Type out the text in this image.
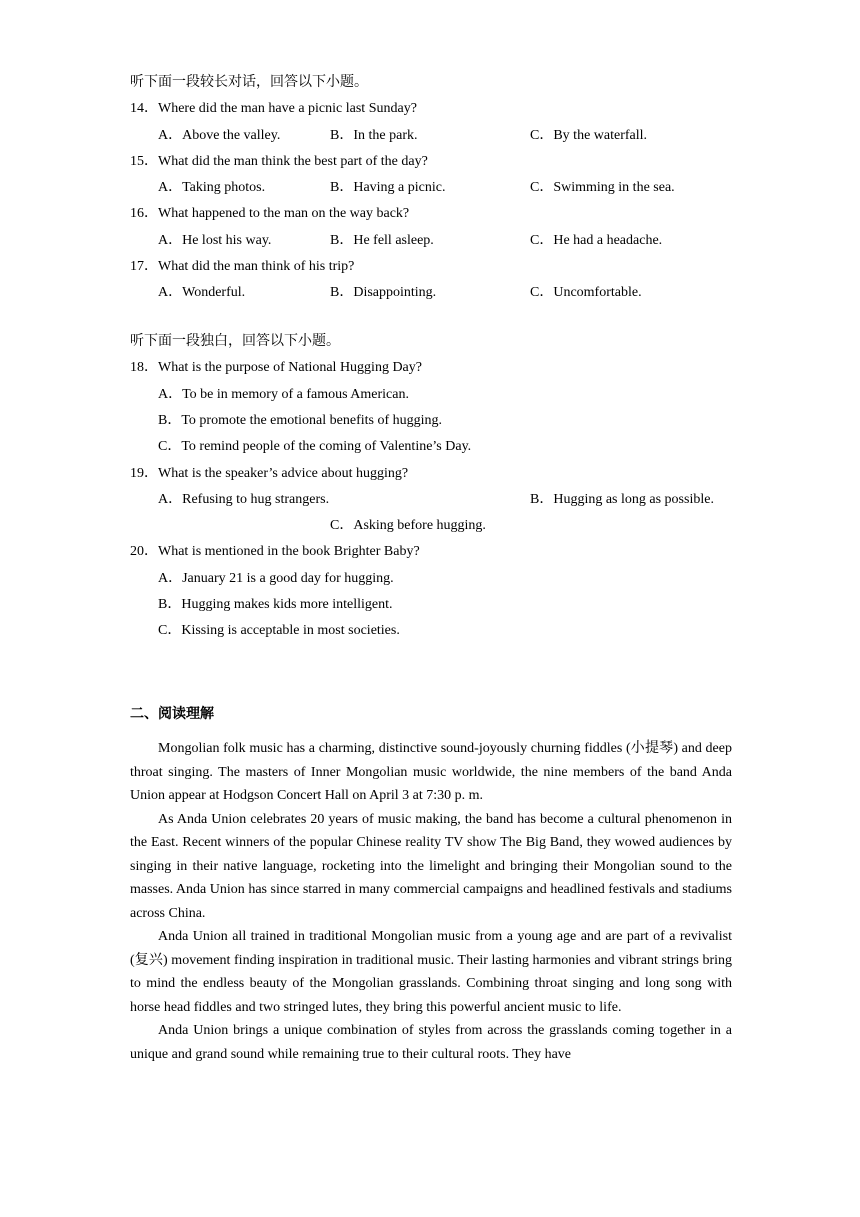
听下面一段较长对话，回答以下小题。
14．Where did the man have a picnic last Sunday?
A．Above the valley.	B．In the park.	C．By the waterfall.
15．What did the man think the best part of the day?
A．Taking photos.	B．Having a picnic.	C．Swimming in the sea.
16．What happened to the man on the way back?
A．He lost his way.	B．He fell asleep.	C．He had a headache.
17．What did the man think of his trip?
A．Wonderful.	B．Disappointing.	C．Uncomfortable.
听下面一段独白，回答以下小题。
18．What is the purpose of National Hugging Day?
A．To be in memory of a famous American.
B．To promote the emotional benefits of hugging.
C．To remind people of the coming of Valentine’s Day.
19．What is the speaker’s advice about hugging?
A．Refusing to hug strangers.	B．Hugging as long as possible.
C．Asking before hugging.
20．What is mentioned in the book Brighter Baby?
A．January 21 is a good day for hugging.
B．Hugging makes kids more intelligent.
C．Kissing is acceptable in most societies.
二、阅读理解

Mongolian folk music has a charming, distinctive sound-joyously churning fiddles (小提琴) and deep throat singing. The masters of Inner Mongolian music worldwide, the nine members of the band Anda Union appear at Hodgson Concert Hall on April 3 at 7:30 p. m.

As Anda Union celebrates 20 years of music making, the band has become a cultural phenomenon in the East. Recent winners of the popular Chinese reality TV show The Big Band, they wowed audiences by singing in their native language, rocketing into the limelight and bringing their Mongolian sound to the masses. Anda Union has since starred in many commercial campaigns and headlined festivals and stadiums across China.

Anda Union all trained in traditional Mongolian music from a young age and are part of a revivalist (复兴) movement finding inspiration in traditional music. Their lasting harmonies and vibrant strings bring to mind the endless beauty of the Mongolian grasslands. Combining throat singing and long song with horse head fiddles and two stringed lutes, they bring this powerful ancient music to life.

Anda Union brings a unique combination of styles from across the grasslands coming together in a unique and grand sound while remaining true to their cultural roots. They have
